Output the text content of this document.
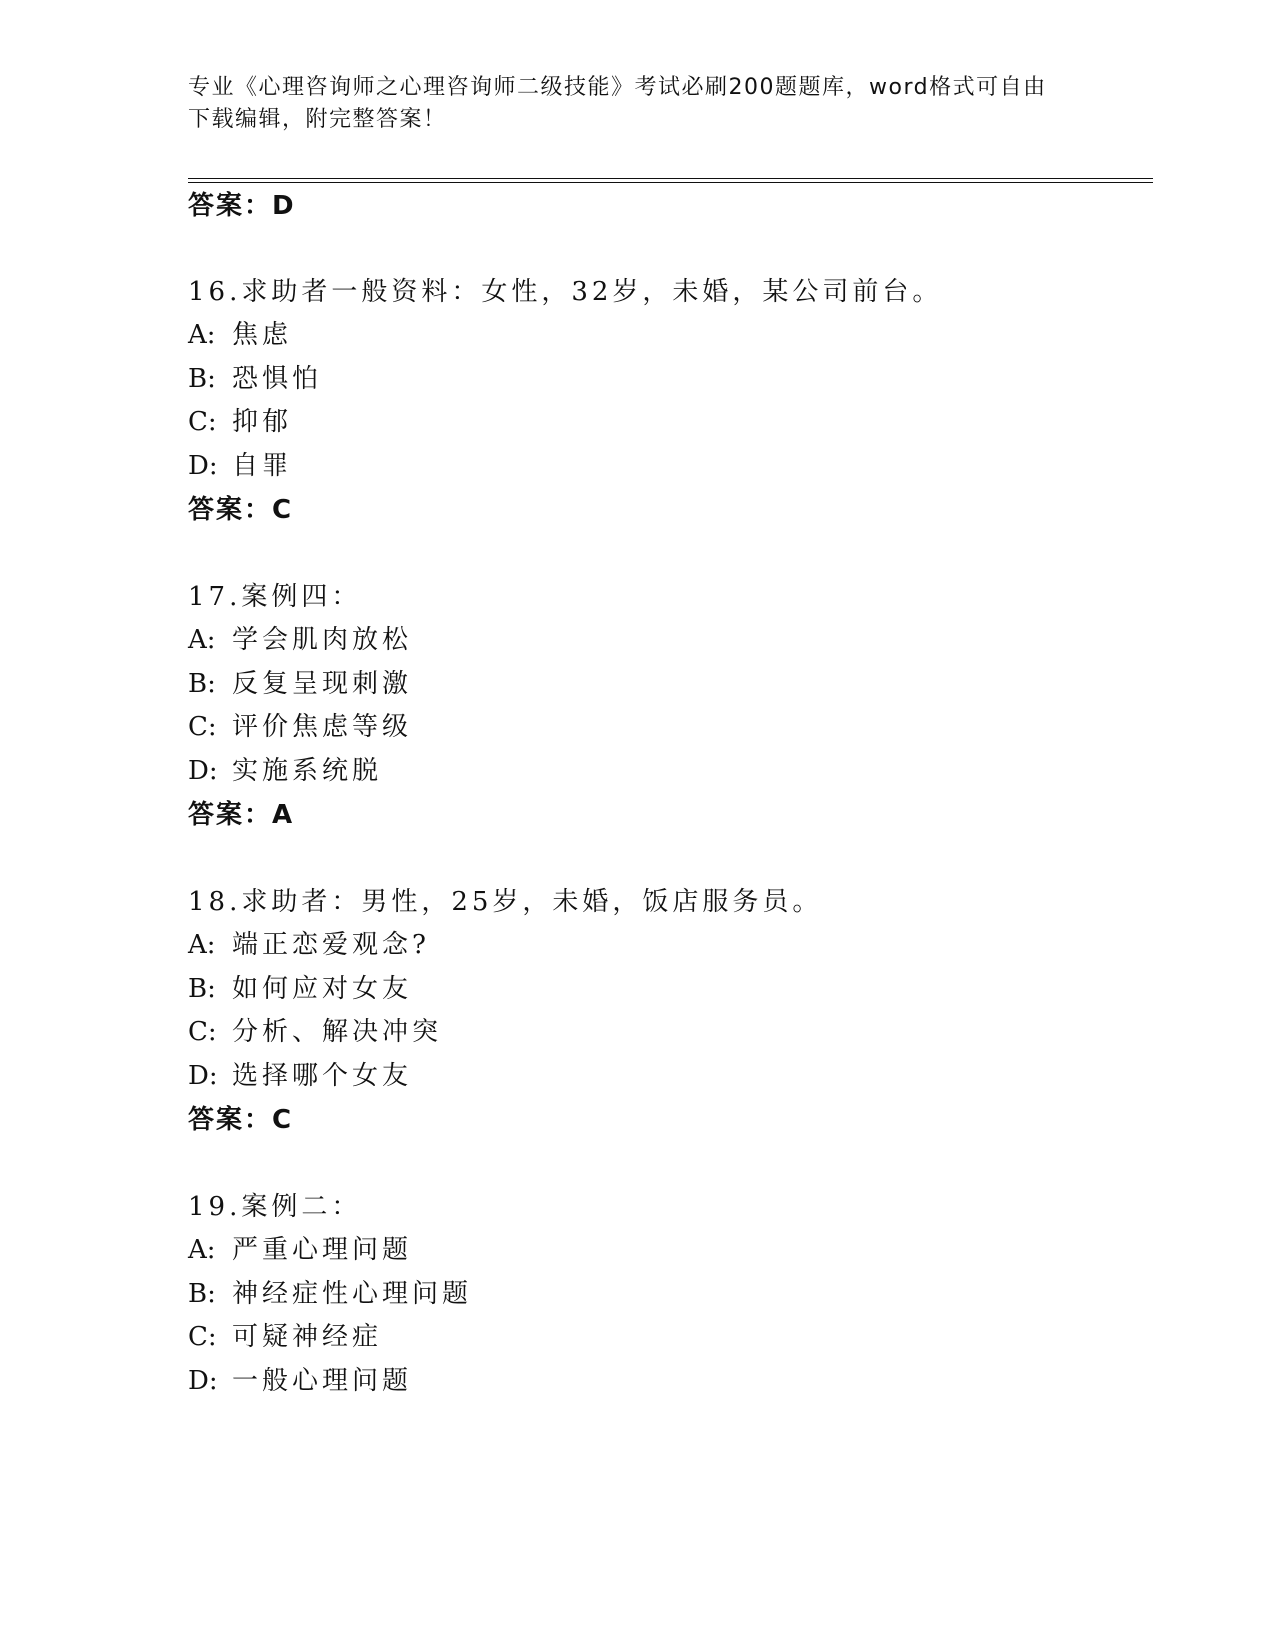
专业《心理咨询师之心理咨询师二级技能》考试必刷200题题库，word格式可自由下载编辑，附完整答案！
答案：D
16.求助者一般资料：女性，32岁，未婚，某公司前台。
A: 焦虑
B: 恐惧怕
C: 抑郁
D: 自罪
答案：C
17.案例四：
A: 学会肌肉放松
B: 反复呈现刺激
C: 评价焦虑等级
D: 实施系统脱
答案：A
18.求助者：男性，25岁，未婚，饭店服务员。
A: 端正恋爱观念?
B: 如何应对女友
C: 分析、解决冲突
D: 选择哪个女友
答案：C
19.案例二：
A: 严重心理问题
B: 神经症性心理问题
C: 可疑神经症
D: 一般心理问题
